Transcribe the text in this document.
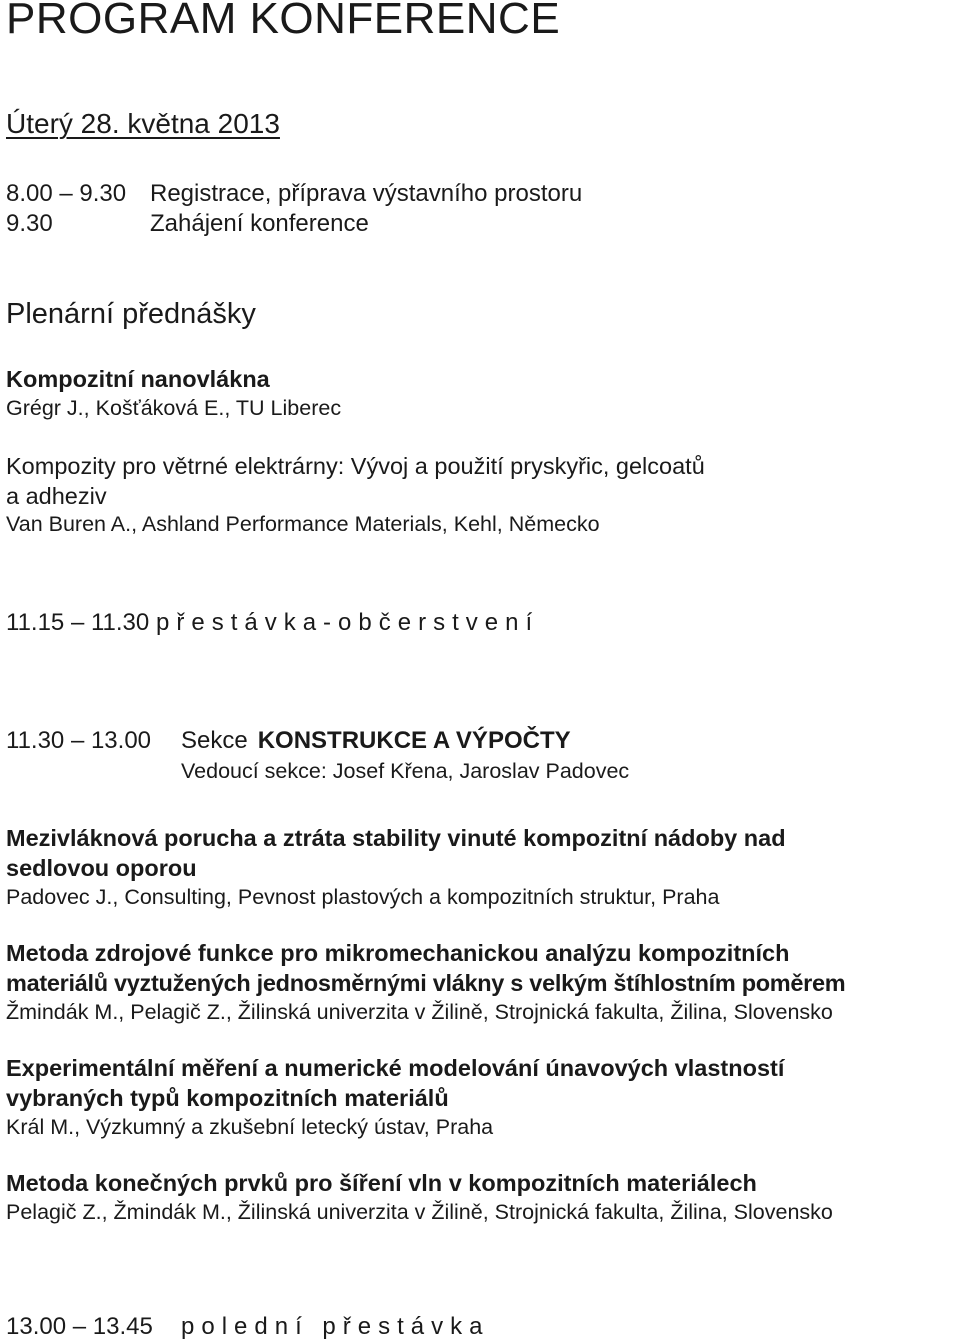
PROGRAM KONFERENCE
Úterý 28. května 2013
8.00 – 9.30 Registrace, příprava výstavního prostoru
9.30	Zahájení konference
Plenární přednášky
Kompozitní nanovlákna
Grégr J., Košťáková E., TU Liberec
Kompozity pro větrné elektrárny: Vývoj a použití pryskyřic, gelcoatů
a adheziv
Van Buren A., Ashland Performance Materials, Kehl, Německo
11.15 – 11.30 přestávka-občerstvení
11.30 – 13.00	Sekce KONSTRUKCE A VÝPOČTY
Vedoucí sekce: Josef Křena, Jaroslav Padovec
Mezivláknová porucha a ztráta stability vinuté kompozitní nádoby nad
sedlovou oporou
Padovec J., Consulting, Pevnost plastových a kompozitních struktur, Praha
Metoda zdrojové funkce pro mikromechanickou analýzu kompozitních
materiálů vyztužených jednosměrnými vlákny s velkým štíhlostním poměrem
Žmindák M., Pelagič Z., Žilinská univerzita v Žilině, Strojnická fakulta, Žilina, Slovensko
Experimentální měření a numerické modelování únavových vlastností
vybraných typů kompozitních materiálů
Král M., Výzkumný a zkušební letecký ústav, Praha
Metoda konečných prvků pro šíření vln v kompozitních materiálech
Pelagič Z., Žmindák M., Žilinská univerzita v Žilině, Strojnická fakulta, Žilina, Slovensko
13.00 – 13.45	polední přestávka
